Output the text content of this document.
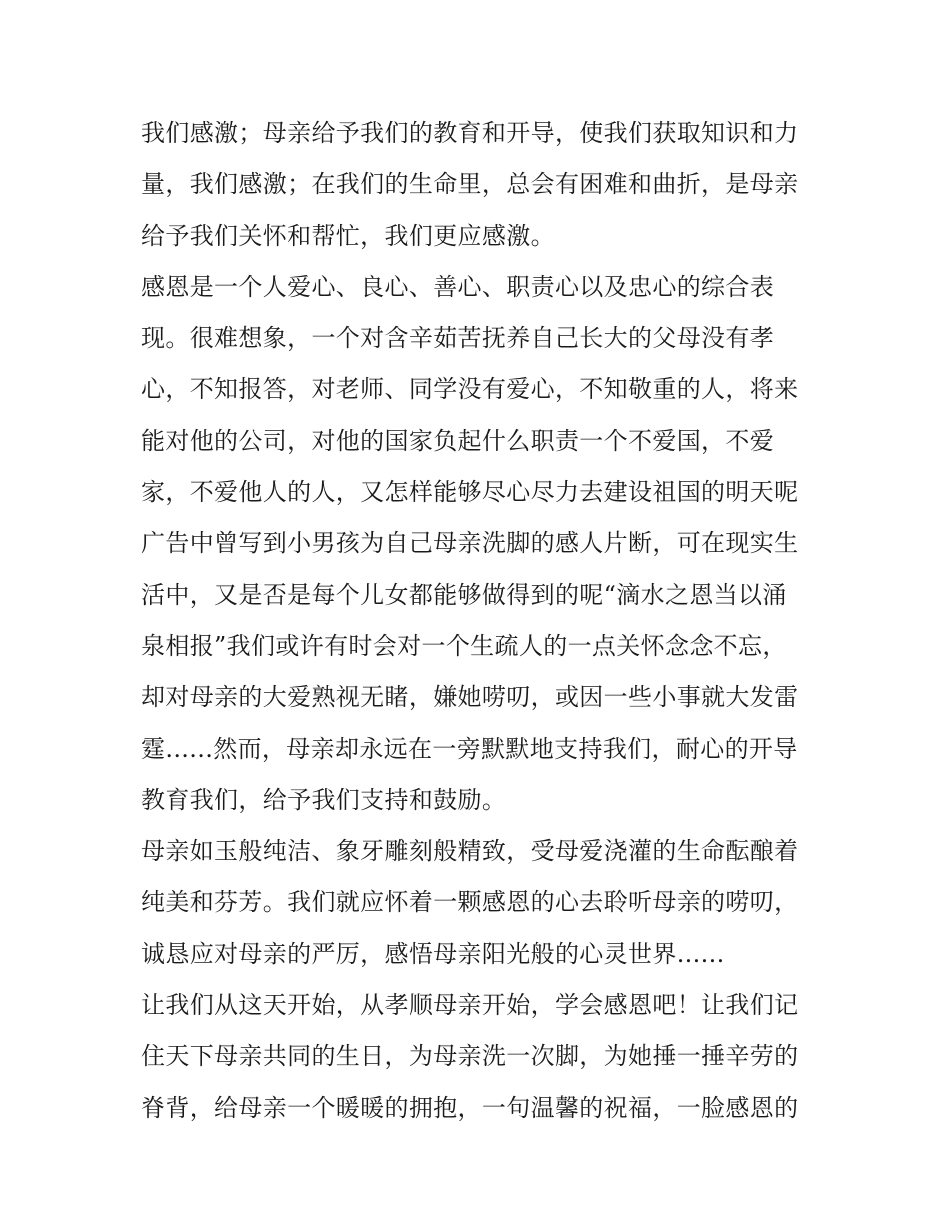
我们感激；母亲给予我们的教育和开导，使我们获取知识和力
量，我们感激；在我们的生命里，总会有困难和曲折，是母亲
给予我们关怀和帮忙，我们更应感激。
感恩是一个人爱心、良心、善心、职责心以及忠心的综合表
现。很难想象，一个对含辛茹苦抚养自己长大的父母没有孝
心，不知报答，对老师、同学没有爱心，不知敬重的人，将来
能对他的公司，对他的国家负起什么职责一个不爱国，不爱
家，不爱他人的人，又怎样能够尽心尽力去建设祖国的明天呢
广告中曾写到小男孩为自己母亲洗脚的感人片断，可在现实生
活中，又是否是每个儿女都能够做得到的呢“滴水之恩当以涌
泉相报”我们或许有时会对一个生疏人的一点关怀念念不忘，
却对母亲的大爱熟视无睹，嫌她唠叨，或因一些小事就大发雷
霆......然而，母亲却永远在一旁默默地支持我们，耐心的开导
教育我们，给予我们支持和鼓励。
母亲如玉般纯洁、象牙雕刻般精致，受母爱浇灌的生命酝酿着
纯美和芬芳。我们就应怀着一颗感恩的心去聆听母亲的唠叨，
诚恳应对母亲的严厉，感悟母亲阳光般的心灵世界......
让我们从这天开始，从孝顺母亲开始，学会感恩吧！让我们记
住天下母亲共同的生日，为母亲洗一次脚，为她捶一捶辛劳的
脊背，给母亲一个暖暖的拥抱，一句温馨的祝福，一脸感恩的
